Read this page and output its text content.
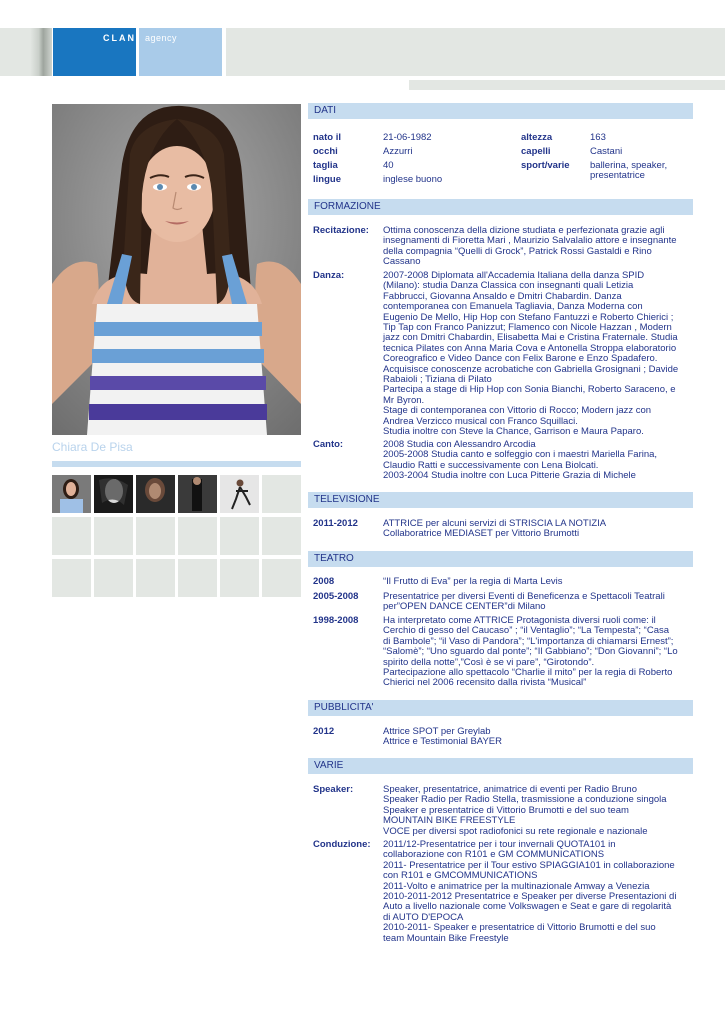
CLAN agency
Chiara De Pisa
DATI
nato il	21-06-1982
occhi	Azzurri
taglia	40
lingue	inglese buono
altezza	163
capelli	Castani
sport/varie ballerina, speaker,
presentatrice
FORMAZIONE
Recitazione: Ottima conoscenza della dizione studiata e perfezionata grazie agli
insegnamenti di Fioretta Mari , Maurizio Salvalalio attore e insegnante
della compagnia “Quelli di Grock”, Patrick Rossi Gastaldi e Rino
Cassano
Danza:	2007-2008 Diplomata all'Accademia Italiana della danza SPID
(Milano): studia Danza Classica con insegnanti quali Letizia
Fabbrucci, Giovanna Ansaldo e Dmitri Chabardin. Danza
contemporanea con Emanuela Tagliavia, Danza Moderna con
Eugenio De Mello, Hip Hop con Stefano Fantuzzi e Roberto Chierici ;
Tip Tap con Franco Panizzut; Flamenco con Nicole Hazzan , Modern
jazz con Dmitri Chabardin, Elisabetta Mai e Cristina Fraternale. Studia
tecnica Pilates con Anna Maria Cova e Antonella Stroppa elaboratorio
Coreografico e Video Dance con Felix Barone e Enzo Spadafero.
Acquisisce conoscenze acrobatiche con Gabriella Grosignani ; Davide
Rabaioli ; Tiziana di Pilato
Partecipa a stage di Hip Hop con Sonia Bianchi, Roberto Saraceno, e
Mr Byron.
Stage di contemporanea con Vittorio di Rocco; Modern jazz con
Andrea Verzicco musical con Franco Squillaci.
Studia inoltre con Steve la Chance, Garrison e Maura Paparo.
Canto:	2008 Studia con Alessandro Arcodia
2005-2008 Studia canto e solfeggio con i maestri Mariella Farina,
Claudio Ratti e successivamente con Lena Biolcati.
2003-2004 Studia inoltre con Luca Pitterie Grazia di Michele
TELEVISIONE
2011-2012	ATTRICE per alcuni servizi di STRISCIA LA NOTIZIA
Collaboratrice MEDIASET per Vittorio Brumotti
TEATRO
2008	“Il Frutto di Eva” per la regia di Marta Levis
2005-2008	Presentatrice per diversi Eventi di Beneficenza e Spettacoli Teatrali
per”OPEN DANCE CENTER”di Milano
1998-2008	Ha interpretato come ATTRICE Protagonista diversi ruoli come: il
Cerchio di gesso del Caucaso” ; “il Ventaglio”; “La Tempesta”; “Casa
di Bambole”; “il Vaso di Pandora”; “L'importanza di chiamarsi Ernest”;
“Salomè”; “Uno sguardo dal ponte”; “Il Gabbiano”; “Don Giovanni”; “Lo
spirito della notte”,”Così è se vi pare”, “Girotondo”.
Partecipazione allo spettacolo “Charlie il mito” per la regia di Roberto
Chierici nel 2006 recensito dalla rivista “Musical”
PUBBLICITA'
2012	Attrice SPOT per Greylab
Attrice e Testimonial BAYER
VARIE
Speaker:	Speaker, presentatrice, animatrice di eventi per Radio Bruno
Speaker Radio per Radio Stella, trasmissione a conduzione singola
Speaker e presentatrice di Vittorio Brumotti e del suo team
MOUNTAIN BIKE FREESTYLE
VOCE per diversi spot radiofonici su rete regionale e nazionale
Conduzione: 2011/12-Presentatrice per i tour invernali QUOTA101 in
collaborazione con R101 e GM COMMUNICATIONS
2011- Presentatrice per il Tour estivo SPIAGGIA101 in collaborazione
con R101 e GMCOMMUNICATIONS
2011-Volto e animatrice per la multinazionale Amway a Venezia
2010-2011-2012 Presentatrice e Speaker per diverse Presentazioni di
Auto a livello nazionale come Volkswagen e Seat e gare di regolarità
di AUTO D'EPOCA
2010-2011- Speaker e presentatrice di Vittorio Brumotti e del suo
team Mountain Bike Freestyle
